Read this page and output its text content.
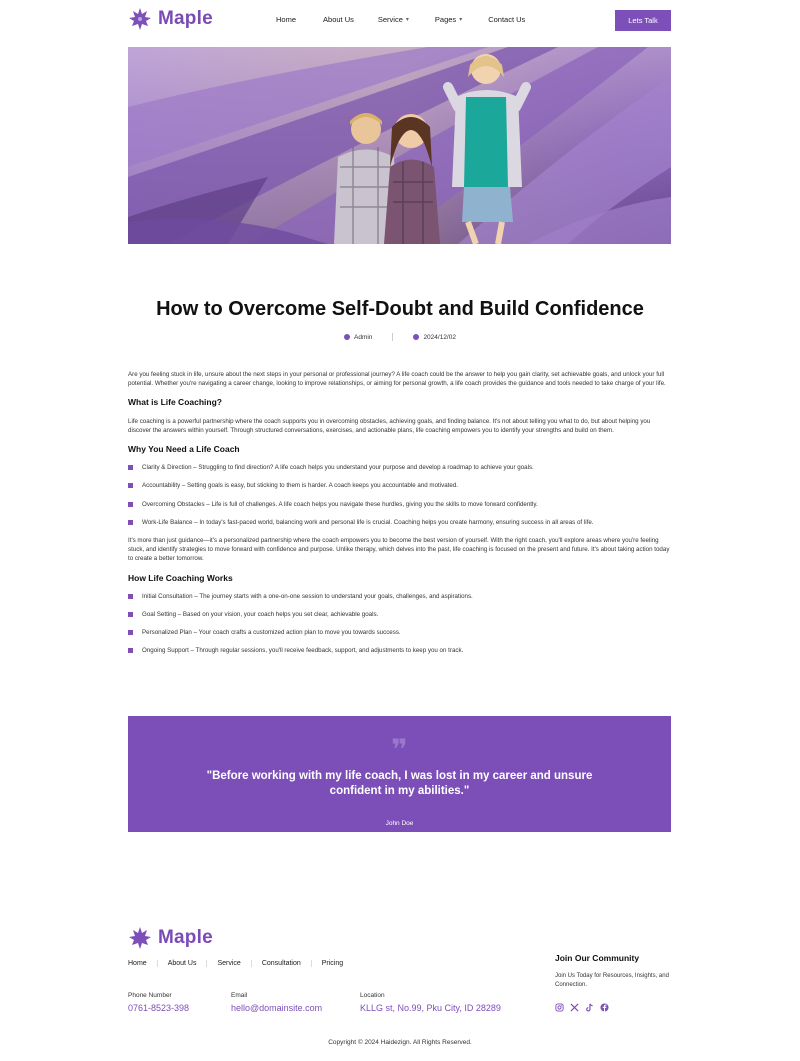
Maple	Home	About Us	Service ▾	Pages ▾	Contact Us	Lets Talk
How to Overcome Self-Doubt and Build Confidence
Admin	2024/12/02

Are you feeling stuck in life, unsure about the next steps in your personal or professional journey? A life coach could be the answer to help you gain clarity, set achievable goals, and unlock your full potential. Whether you're navigating a career change, looking to improve relationships, or aiming for personal growth, a life coach provides the guidance and tools needed to take charge of your life.

What is Life Coaching?

Life coaching is a powerful partnership where the coach supports you in overcoming obstacles, achieving goals, and finding balance. It's not about telling you what to do, but about helping you discover the answers within yourself. Through structured conversations, exercises, and actionable plans, life coaching empowers you to identify your strengths and build on them.

Why You Need a Life Coach
Clarity & Direction – Struggling to find direction? A life coach helps you understand your purpose and develop a roadmap to achieve your goals.
Accountability – Setting goals is easy, but sticking to them is harder. A coach keeps you accountable and motivated.
Overcoming Obstacles – Life is full of challenges. A life coach helps you navigate these hurdles, giving you the skills to move forward confidently.
Work-Life Balance – In today's fast-paced world, balancing work and personal life is crucial. Coaching helps you create harmony, ensuring success in all areas of life.

It's more than just guidance—it's a personalized partnership where the coach empowers you to become the best version of yourself. With the right coach, you'll explore areas where you're feeling stuck, and identify strategies to move forward with confidence and purpose. Unlike therapy, which delves into the past, life coaching is focused on the present and future. It's about taking action today to create a better tomorrow.

How Life Coaching Works
Initial Consultation – The journey starts with a one-on-one session to understand your goals, challenges, and aspirations.
Goal Setting – Based on your vision, your coach helps you set clear, achievable goals.
Personalized Plan – Your coach crafts a customized action plan to move you towards success.
Ongoing Support – Through regular sessions, you'll receive feedback, support, and adjustments to keep you on track.
❞
"Before working with my life coach, I was lost in my career and unsure confident in my abilities."
John Doe
Maple
Home	About Us	Service	Consultation	Pricing
Phone Number
0761-8523-398
Email
hello@domainsite.com
Location
KLLG st, No.99, Pku City, ID 28289
Join Our Community

Join Us Today for Resources, Insights, and Connection.

Copyright © 2024 Haidezign. All Rights Reserved.
